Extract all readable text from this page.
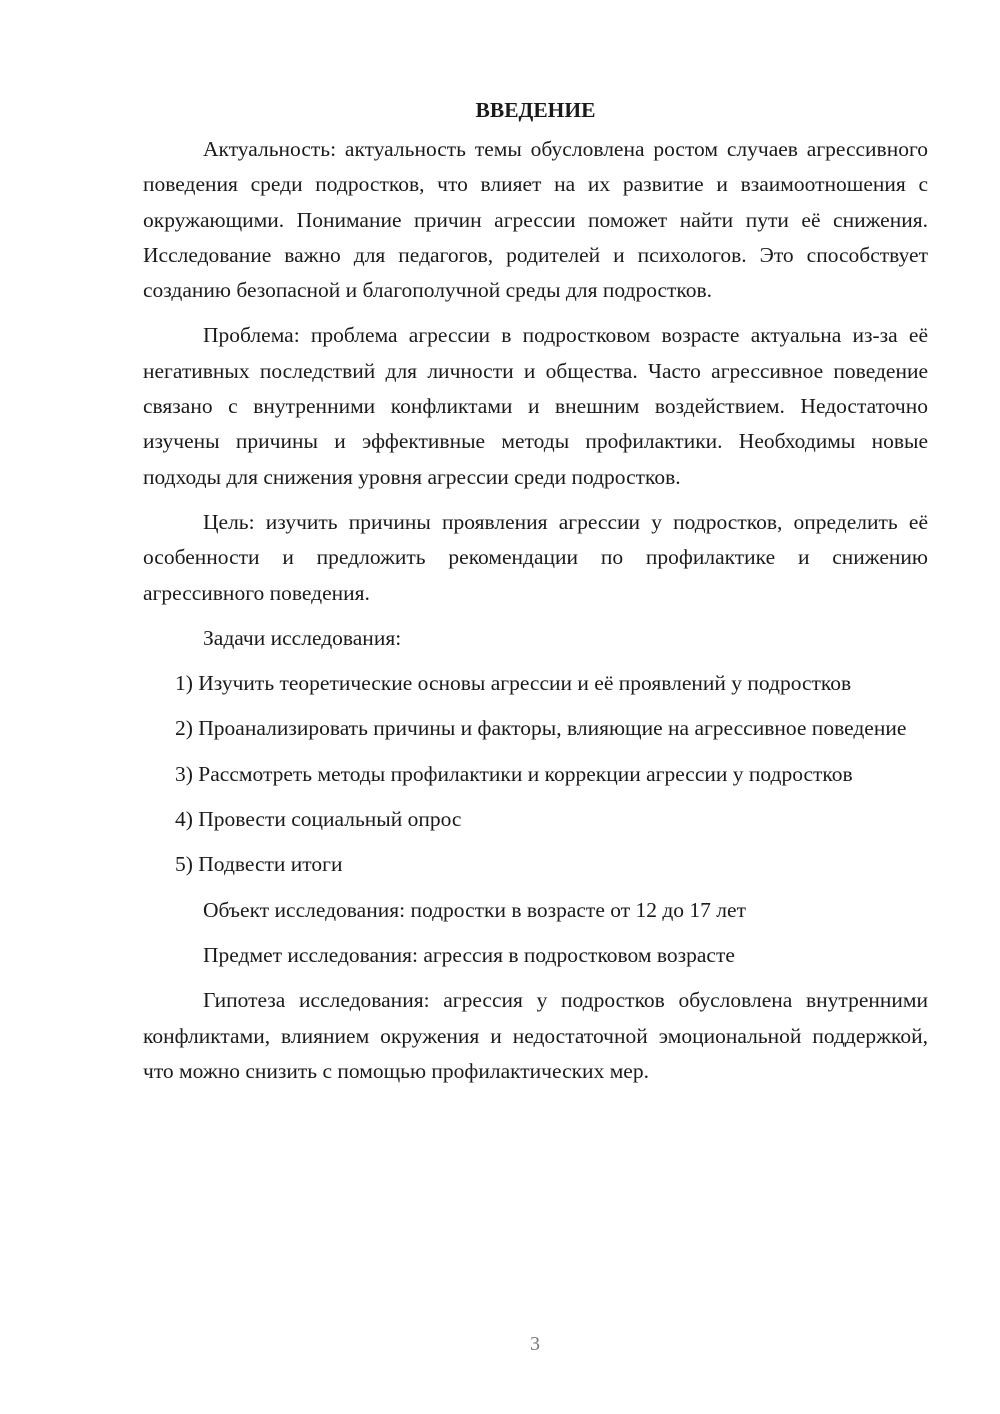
ВВЕДЕНИЕ

Актуальность: актуальность темы обусловлена ростом случаев агрессивного поведения среди подростков, что влияет на их развитие и взаимоотношения с окружающими. Понимание причин агрессии поможет найти пути её снижения. Исследование важно для педагогов, родителей и психологов. Это способствует созданию безопасной и благополучной среды для подростков.

Проблема: проблема агрессии в подростковом возрасте актуальна из-за её негативных последствий для личности и общества. Часто агрессивное поведение связано с внутренними конфликтами и внешним воздействием. Недостаточно изучены причины и эффективные методы профилактики. Необходимы новые подходы для снижения уровня агрессии среди подростков.

Цель: изучить причины проявления агрессии у подростков, определить её особенности и предложить рекомендации по профилактике и снижению агрессивного поведения.

Задачи исследования:

1) Изучить теоретические основы агрессии и её проявлений у подростков

2) Проанализировать причины и факторы, влияющие на агрессивное поведение

3) Рассмотреть методы профилактики и коррекции агрессии у подростков

4) Провести социальный опрос

5) Подвести итоги

Объект исследования: подростки в возрасте от 12 до 17 лет

Предмет исследования: агрессия в подростковом возрасте

Гипотеза исследования: агрессия у подростков обусловлена внутренними конфликтами, влиянием окружения и недостаточной эмоциональной поддержкой, что можно снизить с помощью профилактических мер.

3
